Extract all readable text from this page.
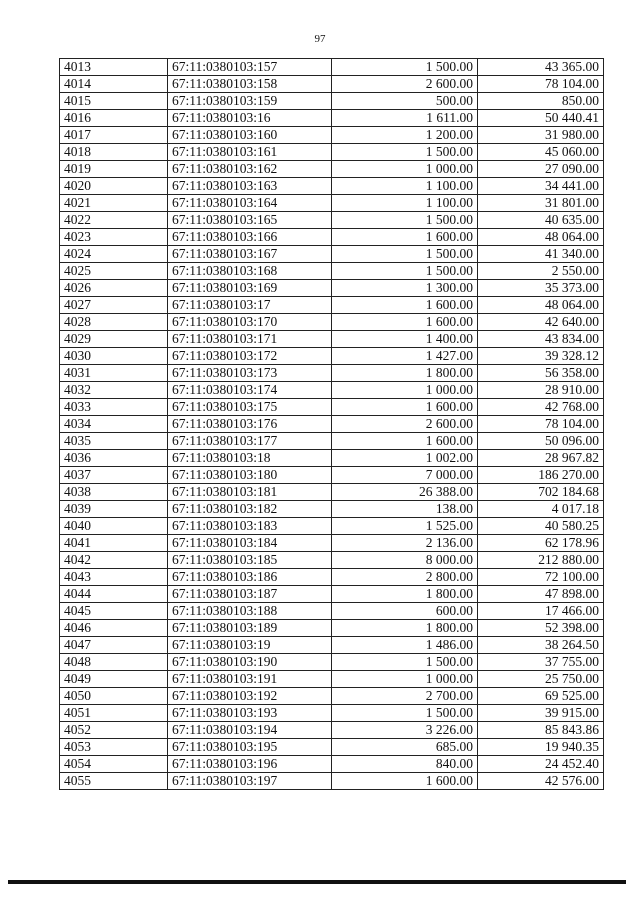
97
4013	67:11:0380103:157	1 500.00	43 365.00
4014	67:11:0380103:158	2 600.00	78 104.00
4015	67:11:0380103:159	500.00	850.00
4016	67:11:0380103:16	1 611.00	50 440.41
4017	67:11:0380103:160	1 200.00	31 980.00
4018	67:11:0380103:161	1 500.00	45 060.00
4019	67:11:0380103:162	1 000.00	27 090.00
4020	67:11:0380103:163	1 100.00	34 441.00
4021	67:11:0380103:164	1 100.00	31 801.00
4022	67:11:0380103:165	1 500.00	40 635.00
4023	67:11:0380103:166	1 600.00	48 064.00
4024	67:11:0380103:167	1 500.00	41 340.00
4025	67:11:0380103:168	1 500.00	2 550.00
4026	67:11:0380103:169	1 300.00	35 373.00
4027	67:11:0380103:17	1 600.00	48 064.00
4028	67:11:0380103:170	1 600.00	42 640.00
4029	67:11:0380103:171	1 400.00	43 834.00
4030	67:11:0380103:172	1 427.00	39 328.12
4031	67:11:0380103:173	1 800.00	56 358.00
4032	67:11:0380103:174	1 000.00	28 910.00
4033	67:11:0380103:175	1 600.00	42 768.00
4034	67:11:0380103:176	2 600.00	78 104.00
4035	67:11:0380103:177	1 600.00	50 096.00
4036	67:11:0380103:18	1 002.00	28 967.82
4037	67:11:0380103:180	7 000.00	186 270.00
4038	67:11:0380103:181	26 388.00	702 184.68
4039	67:11:0380103:182	138.00	4 017.18
4040	67:11:0380103:183	1 525.00	40 580.25
4041	67:11:0380103:184	2 136.00	62 178.96
4042	67:11:0380103:185	8 000.00	212 880.00
4043	67:11:0380103:186	2 800.00	72 100.00
4044	67:11:0380103:187	1 800.00	47 898.00
4045	67:11:0380103:188	600.00	17 466.00
4046	67:11:0380103:189	1 800.00	52 398.00
4047	67:11:0380103:19	1 486.00	38 264.50
4048	67:11:0380103:190	1 500.00	37 755.00
4049	67:11:0380103:191	1 000.00	25 750.00
4050	67:11:0380103:192	2 700.00	69 525.00
4051	67:11:0380103:193	1 500.00	39 915.00
4052	67:11:0380103:194	3 226.00	85 843.86
4053	67:11:0380103:195	685.00	19 940.35
4054	67:11:0380103:196	840.00	24 452.40
4055	67:11:0380103:197	1 600.00	42 576.00
